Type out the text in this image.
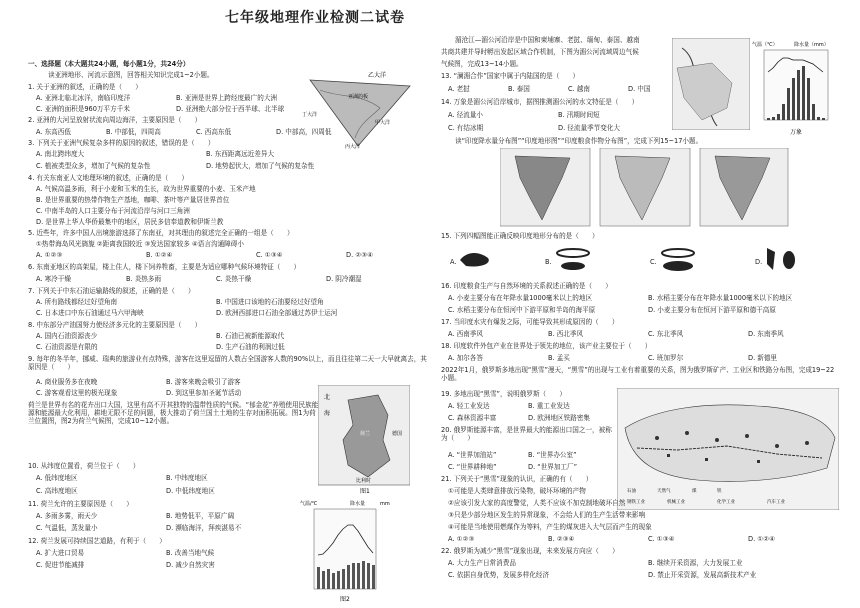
七年级地理作业检测二试卷
一、选择题（本大题共24小题，每小题1分，共24分）
读亚洲地形、河流示意图，回答相关知识完成1~2小题。	乙大洋
亚洲的板
甲大洋
丙大洋
丁大洋
1. 关于亚洲的叙述，正确的是（　　）
A. 亚洲北临北冰洋，南临印度洋	B. 亚洲是世界上跨经度最广的大洲
C. 亚洲的面积是960万平方千米	D. 亚洲绝大部分位于西半球、北半球
2. 亚洲的大河呈放射状流向周边海洋，主要原因是（　　）
A. 东高西低	B. 中部低，四周高	C. 西高东低	D. 中部高，四周低
3. 下列关于亚洲气候复杂多样的原因的叙述，错误的是（　　）
A. 南北跨纬度大	B. 东西距离远近差异大
C. 植被类型众多，增加了气候的复杂性	D. 地势起伏大，增加了气候的复杂性
4. 有关东南亚人文地理环境的叙述，正确的是（　　）
A. 气候高温多雨，利于小麦和玉米的生长，故为世界重要的小麦、玉米产地
B. 是世界重要的热带作物生产基地，咖啡、茶叶等产量居世界首位
C. 中南半岛的人口主要分布于河流沿岸与河口三角洲
D. 是世界上华人华侨最集中的地区，居民多信奉道教和伊斯兰教
5. 近些年，许多中国人出境旅游选择了东南亚，对其理由的叙述完全正确的一组是（　　）
①热带海岛风光旖旎 ②距离我国较近 ③发达国家较多 ④语言沟通障碍小
A. ①②③	B. ①②④	C. ①③④	D. ②③④
6. 东南亚地区的高架屋，楼上住人，楼下饲养牲畜，主要是为适应哪种气候环境特征（　　）
A. 寒冷干燥	B. 炎热多雨	C. 炎热干燥	D. 阴冷潮湿
7. 下列关于中东石油运输路线的叙述，正确的是（　　）
A. 所有路线都经过好望角南	B. 中国进口该地的石油要经过好望角
C. 日本进口中东石油通过马六甲海峡	D. 欧洲西部进口石油全部通过苏伊士运河
8. 中东部分产油国努力使经济多元化的主要原因是（　　）
A. 国内石油资源丧少	B. 石油已被新能源取代
C. 石油资源是有限的	D. 生产石油的利润过低
9. 每年的冬半年，挪威、瑞典的旅游业有点特殊，游客在这里逗留的人数占全国游客人数的90%以上，而且往往第二天一大早就离去，其原因是（　　）
A. 商业服务多在夜晚	B. 游客来晚会吸引了游客
C. 游客观看这里的极光现象	D. 到这里参加圣诞节活动
荷兰是世界有名的花卉出口大国，这里有高不开其独特的温带性质的气候。“郁金花”养殖使用民族能源和能源最大化利用，耕地无限不足的问题，极大推动了荷兰国土土地的生存对面积拓展。图1为荷兰位置图，图2为荷兰气候图，完成10~12小题。
北
海
比利时
德国
荷兰
图1
10. 从纬度位置看，荷兰位于（　　）
A. 低纬度地区	B. 中纬度地区
C. 高纬度地区	D. 中低纬度地区
11. 荷兰允许的主要原因是（　　）
A. 多雨多雾，雨天少	B. 地势低平，平原广阔
C. 气温低，蒸发量小	D. 濒临海洋，拜疾湛易不
12. 荷兰发展可持续国艺道路，有利于（　　）
A. 扩大进口贸易	B. 改善当地气候
C. 促进节能减排	D. 减少自然灾害
气温/℃	降水量	mm
图2
湄沧江—湄公河沿岸是中国和柬埔寨、老挝、缅甸、泰国、越南
共商共建并导时孵出发起区域合作机制，下图为湄公河流域周边气候
气候图，完成13~14小题。
气温（℃）	降水量（mm）
万象
13. “澜湄合作”国家中属于内陆国的是（　　）
A. 老挝	B. 泰国	C. 越南	D. 中国
14. 万象是湄公河沿岸城市，据图推测湄公河的水文特征是（　　）
A. 径流量小	B. 汛期时间短
C. 有结冰期	D. 径流量季节变化大
读“印度降水量分布图”“印度地形图”“印度粮食作物分布图”，完成下列15~17小题。
15. 下列四幅图能正确反映印度地形分布的是（　　）
A.	B.	C.	D.
16. 印度粮食生产与自然环境的关系叙述正确的是（　　）
A. 小麦主要分布在年降水量1000毫米以上的地区	B. 水稻主要分布在年降水量1000毫米以下的地区
C. 水稻主要分布在恒河中下游平原和半岛的海平原	D. 小麦主要分布在恒河下游平原和德干高原
17. 当印度水灾有爆发之际，可能导致其形成原因的（　　）
A. 西南季风	B. 西北季风	C. 东北季风	D. 东南季风
18. 印度软件外包产业在世界处于领先的地位，该产业主要位于（　　）
A. 加尔各答	B. 孟买	C. 班加罗尔	D. 新德里
2022年1月，俄罗斯多地出现“黑雪”漫天，“黑雪”的出现与工业有着重要的关系，图为俄罗斯矿产、工业区和铁路分布图，完成19~22小题。
石油	天然气	煤	铁
钢铁工业	机械工业	化学工业	汽车工业
19. 多地出现“黑雪”，说明俄罗斯（　　）
A. 轻工业发达	B. 重工业发达
C. 森林资源丰富	D. 欧洲地区铁路密集
20. 俄罗斯能源丰富，是世界最大的能源出口国之一，被称为（　　）
A. “世界加油站”	B. “世界办公室”
C. “世界耕种地”	D. “世界加工厂”
21. 下列关于“黑雪”现象的认识，正确的有（　　）
①可能是人类肆意排放污染物，破坏环境的产物
②应该引发大家的高度警觉，人类不应该不加克制地破坏自然
③只是少部分地区发生的异常现象，不会给人们的生产生活带来影响
④可能是当地使用燃煤作为等料，产生的煤灰进入大气层而产生的现象
A. ①②③	B. ②③④	C. ①③④	D. ①②④
22. 俄罗斯为减少“黑雪”现象出现，未来发展方向应（　　）
A. 大力生产日常消费品	B. 继续开采资源，大力发展工业
C. 依据自身优势，发展多样化经济	D. 禁止开采资源，发展高新技术产业
